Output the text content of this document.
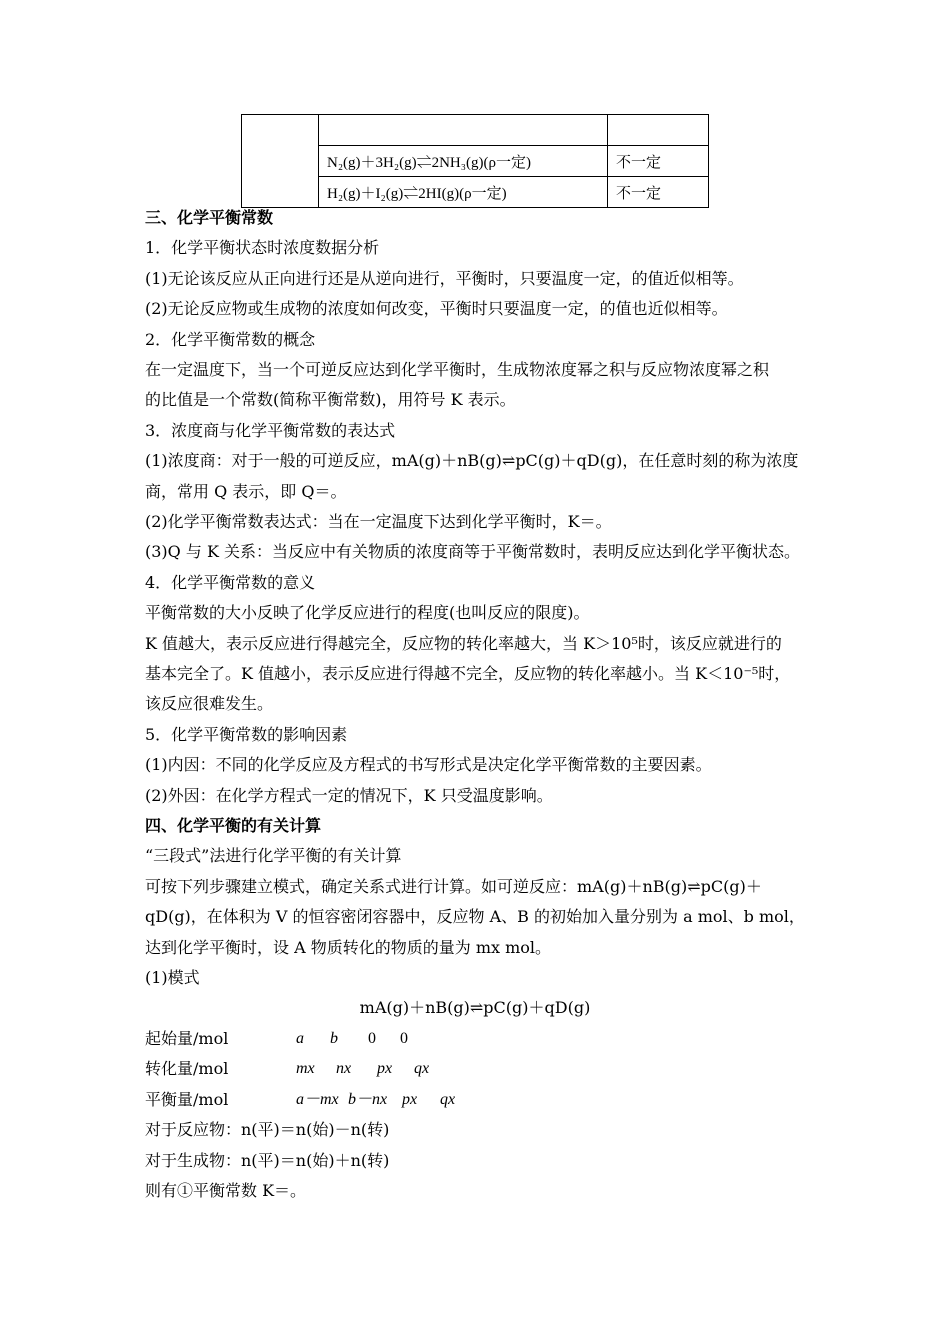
	N₂(g)＋3H₂(g)⇌2NH₃(g)(ρ一定)	不一定
	H₂(g)＋I₂(g)⇌2HI(g)(ρ一定)	不一定
三、化学平衡常数
1．化学平衡状态时浓度数据分析
(1)无论该反应从正向进行还是从逆向进行，平衡时，只要温度一定，的值近似相等。
(2)无论反应物或生成物的浓度如何改变，平衡时只要温度一定，的值也近似相等。
2．化学平衡常数的概念
在一定温度下，当一个可逆反应达到化学平衡时，生成物浓度幂之积与反应物浓度幂之积
的比值是一个常数(简称平衡常数)，用符号 K 表示。
3．浓度商与化学平衡常数的表达式
(1)浓度商：对于一般的可逆反应，mA(g)＋nB(g)⇌pC(g)＋qD(g)，在任意时刻的称为浓度
商，常用 Q 表示，即 Q＝。
(2)化学平衡常数表达式：当在一定温度下达到化学平衡时，K＝。
(3)Q 与 K 关系：当反应中有关物质的浓度商等于平衡常数时，表明反应达到化学平衡状态。
4．化学平衡常数的意义
平衡常数的大小反映了化学反应进行的程度(也叫反应的限度)。
K 值越大，表示反应进行得越完全，反应物的转化率越大，当 K＞10⁵时，该反应就进行的
基本完全了。K 值越小，表示反应进行得越不完全，反应物的转化率越小。当 K＜10⁻⁵时，
该反应很难发生。
5．化学平衡常数的影响因素
(1)内因：不同的化学反应及方程式的书写形式是决定化学平衡常数的主要因素。
(2)外因：在化学方程式一定的情况下，K 只受温度影响。
四、化学平衡的有关计算
“三段式”法进行化学平衡的有关计算
可按下列步骤建立模式，确定关系式进行计算。如可逆反应：mA(g)＋nB(g)⇌pC(g)＋
qD(g)，在体积为 V 的恒容密闭容器中，反应物 A、B 的初始加入量分别为 a mol、b mol，
达到化学平衡时，设 A 物质转化的物质的量为 mx mol。
(1)模式
mA(g)＋nB(g)⇌pC(g)＋qD(g)
起始量/mol	a b 0 0
转化量/mol	mx nx px qx
平衡量/mol	a－mx b－nx px qx
对于反应物：n(平)＝n(始)－n(转)
对于生成物：n(平)＝n(始)＋n(转)
则有①平衡常数 K＝。
